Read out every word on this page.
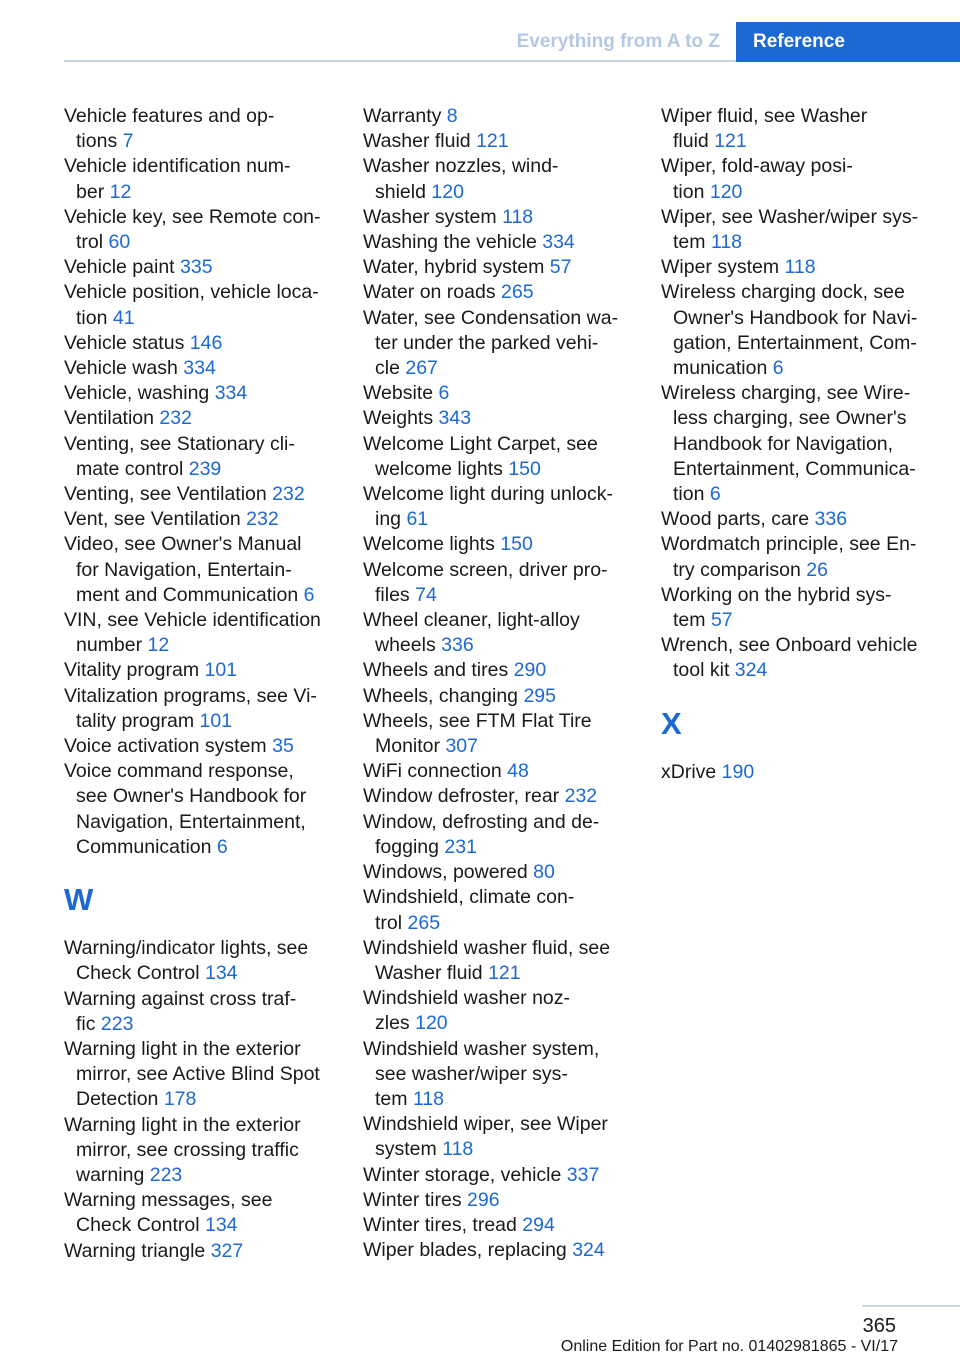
Everything from A to Z Reference
Vehicle features and op-
tions 7
Vehicle identification num-
ber 12
Vehicle key, see Remote con-
trol 60
Vehicle paint 335
Vehicle position, vehicle loca-
tion 41
Vehicle status 146
Vehicle wash 334
Vehicle, washing 334
Ventilation 232
Venting, see Stationary cli-
mate control 239
Venting, see Ventilation 232
Vent, see Ventilation 232
Video, see Owner's Manual
for Navigation, Entertain-
ment and Communication 6
VIN, see Vehicle identification
number 12
Vitality program 101
Vitalization programs, see Vi-
tality program 101
Voice activation system 35
Voice command response,
see Owner's Handbook for
Navigation, Entertainment,
Communication 6
W
Warning/indicator lights, see
Check Control 134
Warning against cross traf-
fic 223
Warning light in the exterior
mirror, see Active Blind Spot
Detection 178
Warning light in the exterior
mirror, see crossing traffic
warning 223
Warning messages, see
Check Control 134
Warning triangle 327
Warranty 8
Washer fluid 121
Washer nozzles, wind-
shield 120
Washer system 118
Washing the vehicle 334
Water, hybrid system 57
Water on roads 265
Water, see Condensation wa-
ter under the parked vehi-
cle 267
Website 6
Weights 343
Welcome Light Carpet, see
welcome lights 150
Welcome light during unlock-
ing 61
Welcome lights 150
Welcome screen, driver pro-
files 74
Wheel cleaner, light-alloy
wheels 336
Wheels and tires 290
Wheels, changing 295
Wheels, see FTM Flat Tire
Monitor 307
WiFi connection 48
Window defroster, rear 232
Window, defrosting and de-
fogging 231
Windows, powered 80
Windshield, climate con-
trol 265
Windshield washer fluid, see
Washer fluid 121
Windshield washer noz-
zles 120
Windshield washer system,
see washer/wiper sys-
tem 118
Windshield wiper, see Wiper
system 118
Winter storage, vehicle 337
Winter tires 296
Winter tires, tread 294
Wiper blades, replacing 324
Wiper fluid, see Washer
fluid 121
Wiper, fold-away posi-
tion 120
Wiper, see Washer/wiper sys-
tem 118
Wiper system 118
Wireless charging dock, see
Owner's Handbook for Navi-
gation, Entertainment, Com-
munication 6
Wireless charging, see Wire-
less charging, see Owner's
Handbook for Navigation,
Entertainment, Communica-
tion 6
Wood parts, care 336
Wordmatch principle, see En-
try comparison 26
Working on the hybrid sys-
tem 57
Wrench, see Onboard vehicle
tool kit 324
X
xDrive 190
365
Online Edition for Part no. 01402981865 - VI/17
